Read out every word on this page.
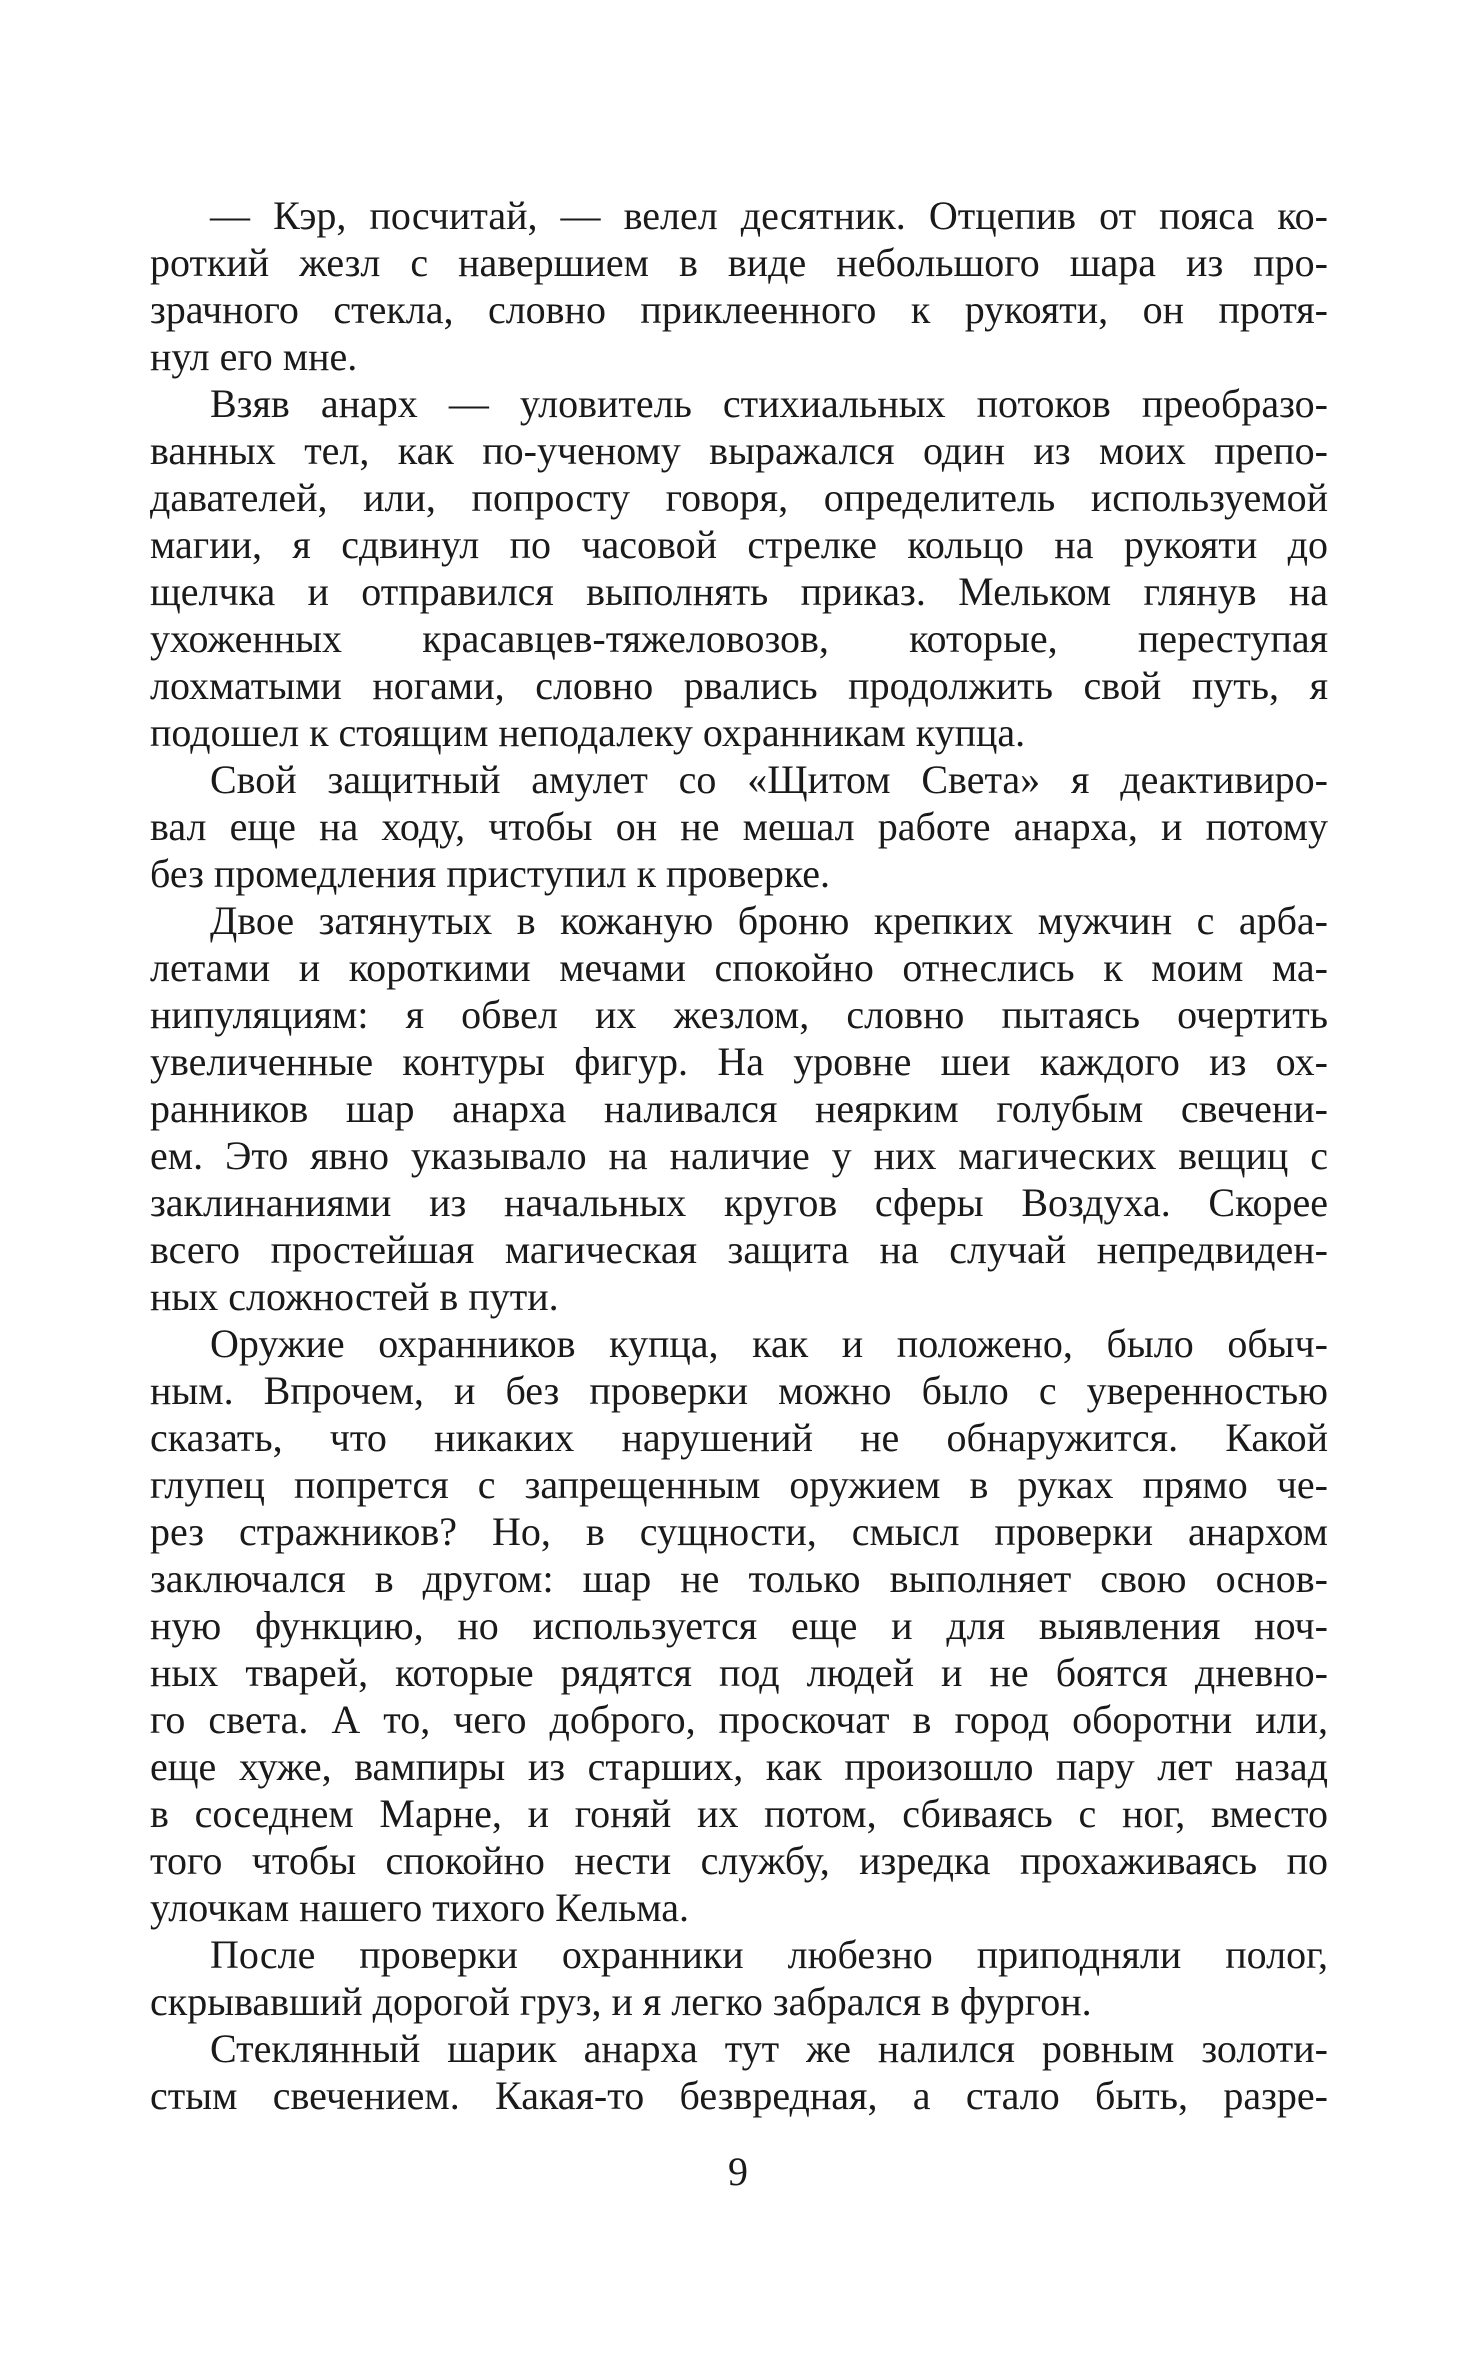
— Кэр, посчитай, — велел десятник. Отцепив от пояса ко-
роткий жезл с навершием в виде небольшого шара из про-
зрачного стекла, словно приклеенного к рукояти, он протя-
нул его мне.
Взяв анарх — уловитель стихиальных потоков преобразо-
ванных тел, как по-ученому выражался один из моих препо-
давателей, или, попросту говоря, определитель используемой
магии, я сдвинул по часовой стрелке кольцо на рукояти до
щелчка и отправился выполнять приказ. Мельком глянув на
ухоженных красавцев-тяжеловозов, которые, переступая
лохматыми ногами, словно рвались продолжить свой путь, я
подошел к стоящим неподалеку охранникам купца.
Свой защитный амулет со «Щитом Света» я деактивиро-
вал еще на ходу, чтобы он не мешал работе анарха, и потому
без промедления приступил к проверке.
Двое затянутых в кожаную броню крепких мужчин с арба-
летами и короткими мечами спокойно отнеслись к моим ма-
нипуляциям: я обвел их жезлом, словно пытаясь очертить
увеличенные контуры фигур. На уровне шеи каждого из ох-
ранников шар анарха наливался неярким голубым свечени-
ем. Это явно указывало на наличие у них магических вещиц с
заклинаниями из начальных кругов сферы Воздуха. Скорее
всего простейшая магическая защита на случай непредвиден-
ных сложностей в пути.
Оружие охранников купца, как и положено, было обыч-
ным. Впрочем, и без проверки можно было с уверенностью
сказать, что никаких нарушений не обнаружится. Какой
глупец попрется с запрещенным оружием в руках прямо че-
рез стражников? Но, в сущности, смысл проверки анархом
заключался в другом: шар не только выполняет свою основ-
ную функцию, но используется еще и для выявления ноч-
ных тварей, которые рядятся под людей и не боятся дневно-
го света. А то, чего доброго, проскочат в город оборотни или,
еще хуже, вампиры из старших, как произошло пару лет назад
в соседнем Марне, и гоняй их потом, сбиваясь с ног, вместо
того чтобы спокойно нести службу, изредка прохаживаясь по
улочкам нашего тихого Кельма.
После проверки охранники любезно приподняли полог,
скрывавший дорогой груз, и я легко забрался в фургон.
Стеклянный шарик анарха тут же налился ровным золоти-
стым свечением. Какая-то безвредная, а стало быть, разре-
9
